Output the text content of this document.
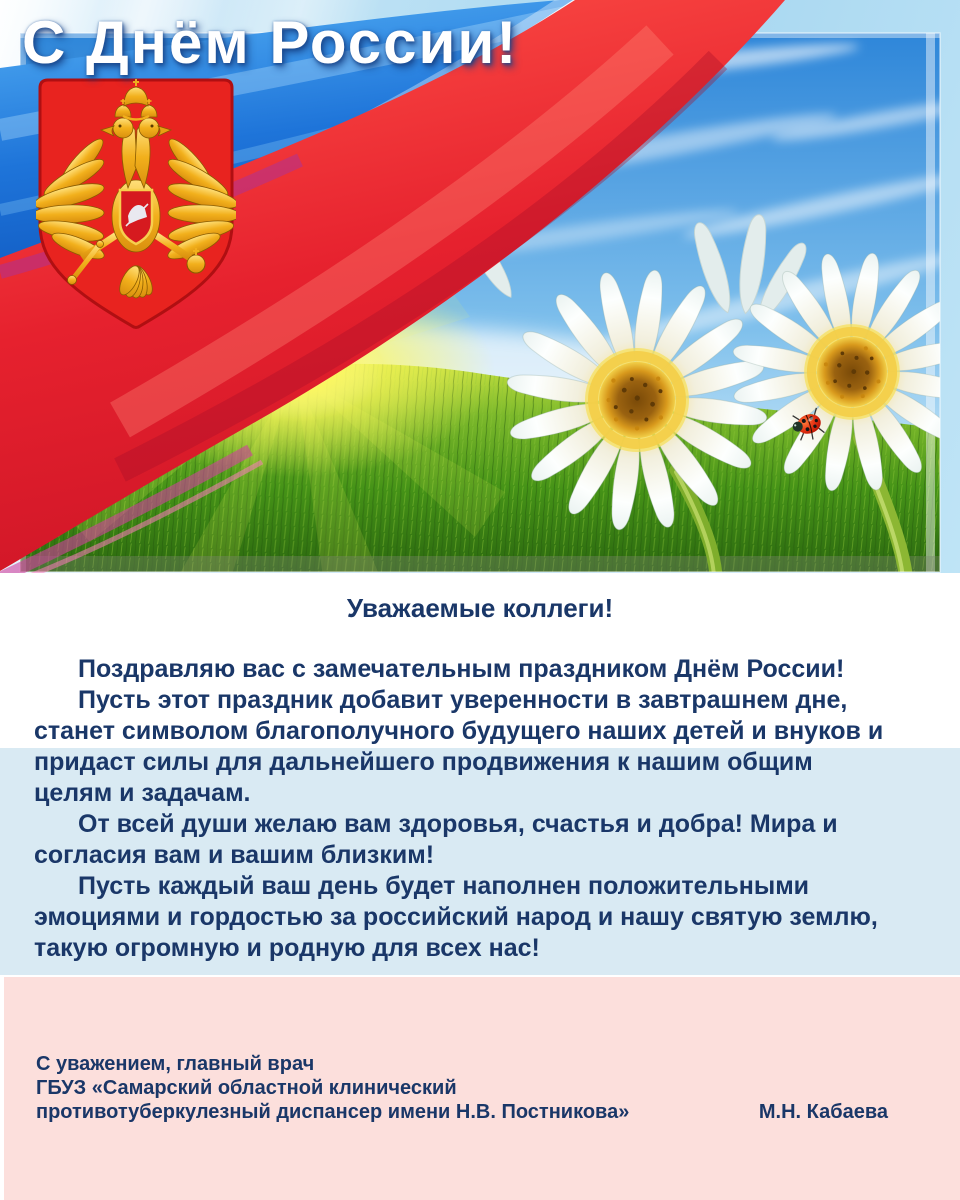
С Днём России!
Уважаемые коллеги!
Поздравляю вас с замечательным праздником Днём России!
Пусть этот праздник добавит уверенности в завтрашнем дне,
станет символом благополучного будущего наших детей и внуков и
придаст силы для дальнейшего продвижения к нашим общим
целям и задачам.
От всей души желаю вам здоровья, счастья и добра! Мира и
согласия вам и вашим близким!
Пусть каждый ваш день будет наполнен положительными
эмоциями и гордостью за российский народ и нашу святую землю,
такую огромную и родную для всех нас!
С уважением, главный врач
ГБУЗ «Самарский областной клинический
противотуберкулезный диспансер имени Н.В. Постникова»	М.Н. Кабаева
